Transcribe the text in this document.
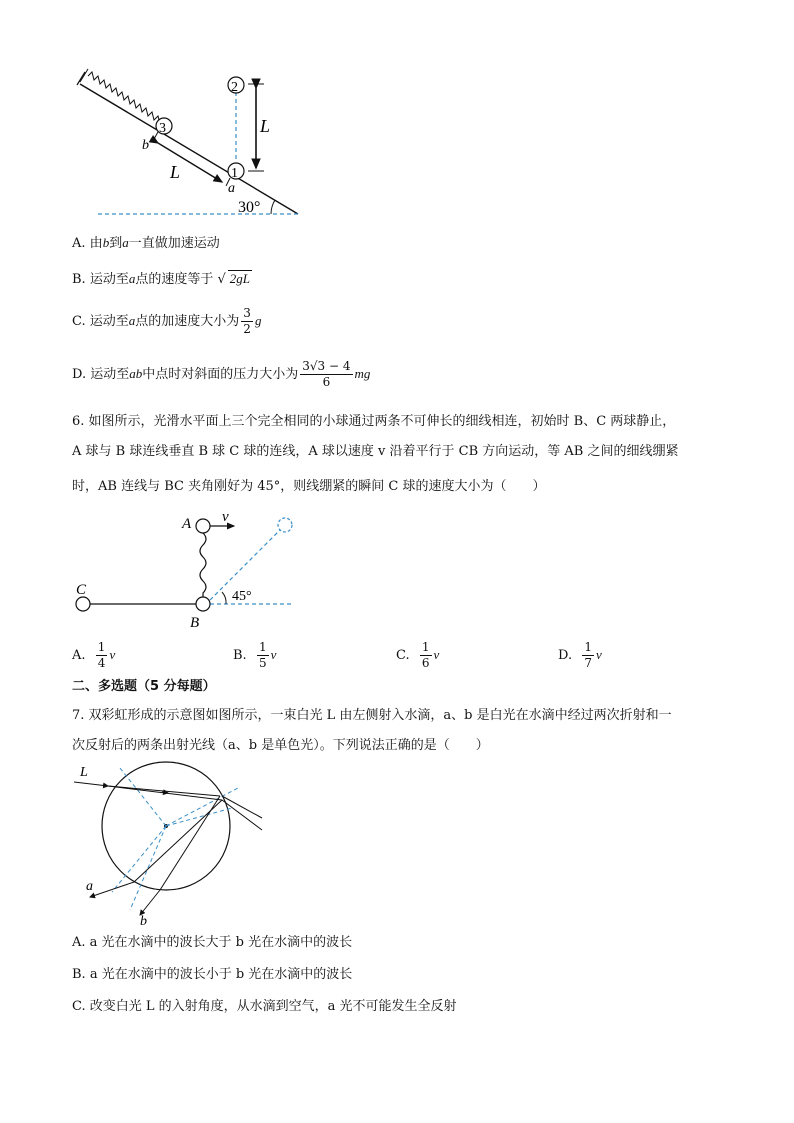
30°
2
1
3	L
L
b
a
A. 由b到a一直做加速运动
B. 运动至a点的速度等于 √ 2gL
C. 运动至a点的加速度大小为 $\frac{3}{2}$ g
D. 运动至ab中点时对斜面的压力大小为 $\frac{3√3 - 4}{6}$ mg
6. 如图所示，光滑水平面上三个完全相同的小球通过两条不可伸长的细线相连，初始时 B、C 两球静止，
A 球与 B 球连线垂直 B 球 C 球的连线，A 球以速度 v 沿着平行于 CB 方向运动，等 AB 之间的细线绷紧
时，AB 连线与 BC 夹角刚好为 45°，则线绷紧的瞬间 C 球的速度大小为（　　）
A v
C
B
45°
A. $\frac{1}{4}$ v	B. $\frac{1}{5}$ v	C. $\frac{1}{6}$ v	D. $\frac{1}{7}$ v
二、多选题（5 分每题）
7. 双彩虹形成的示意图如图所示，一束白光 L 由左侧射入水滴，a、b 是白光在水滴中经过两次折射和一
次反射后的两条出射光线（a、b 是单色光）。下列说法正确的是（　　）
L
a
b
A. a 光在水滴中的波长大于 b 光在水滴中的波长
B. a 光在水滴中的波长小于 b 光在水滴中的波长
C. 改变白光 L 的入射角度，从水滴到空气，a 光不可能发生全反射
